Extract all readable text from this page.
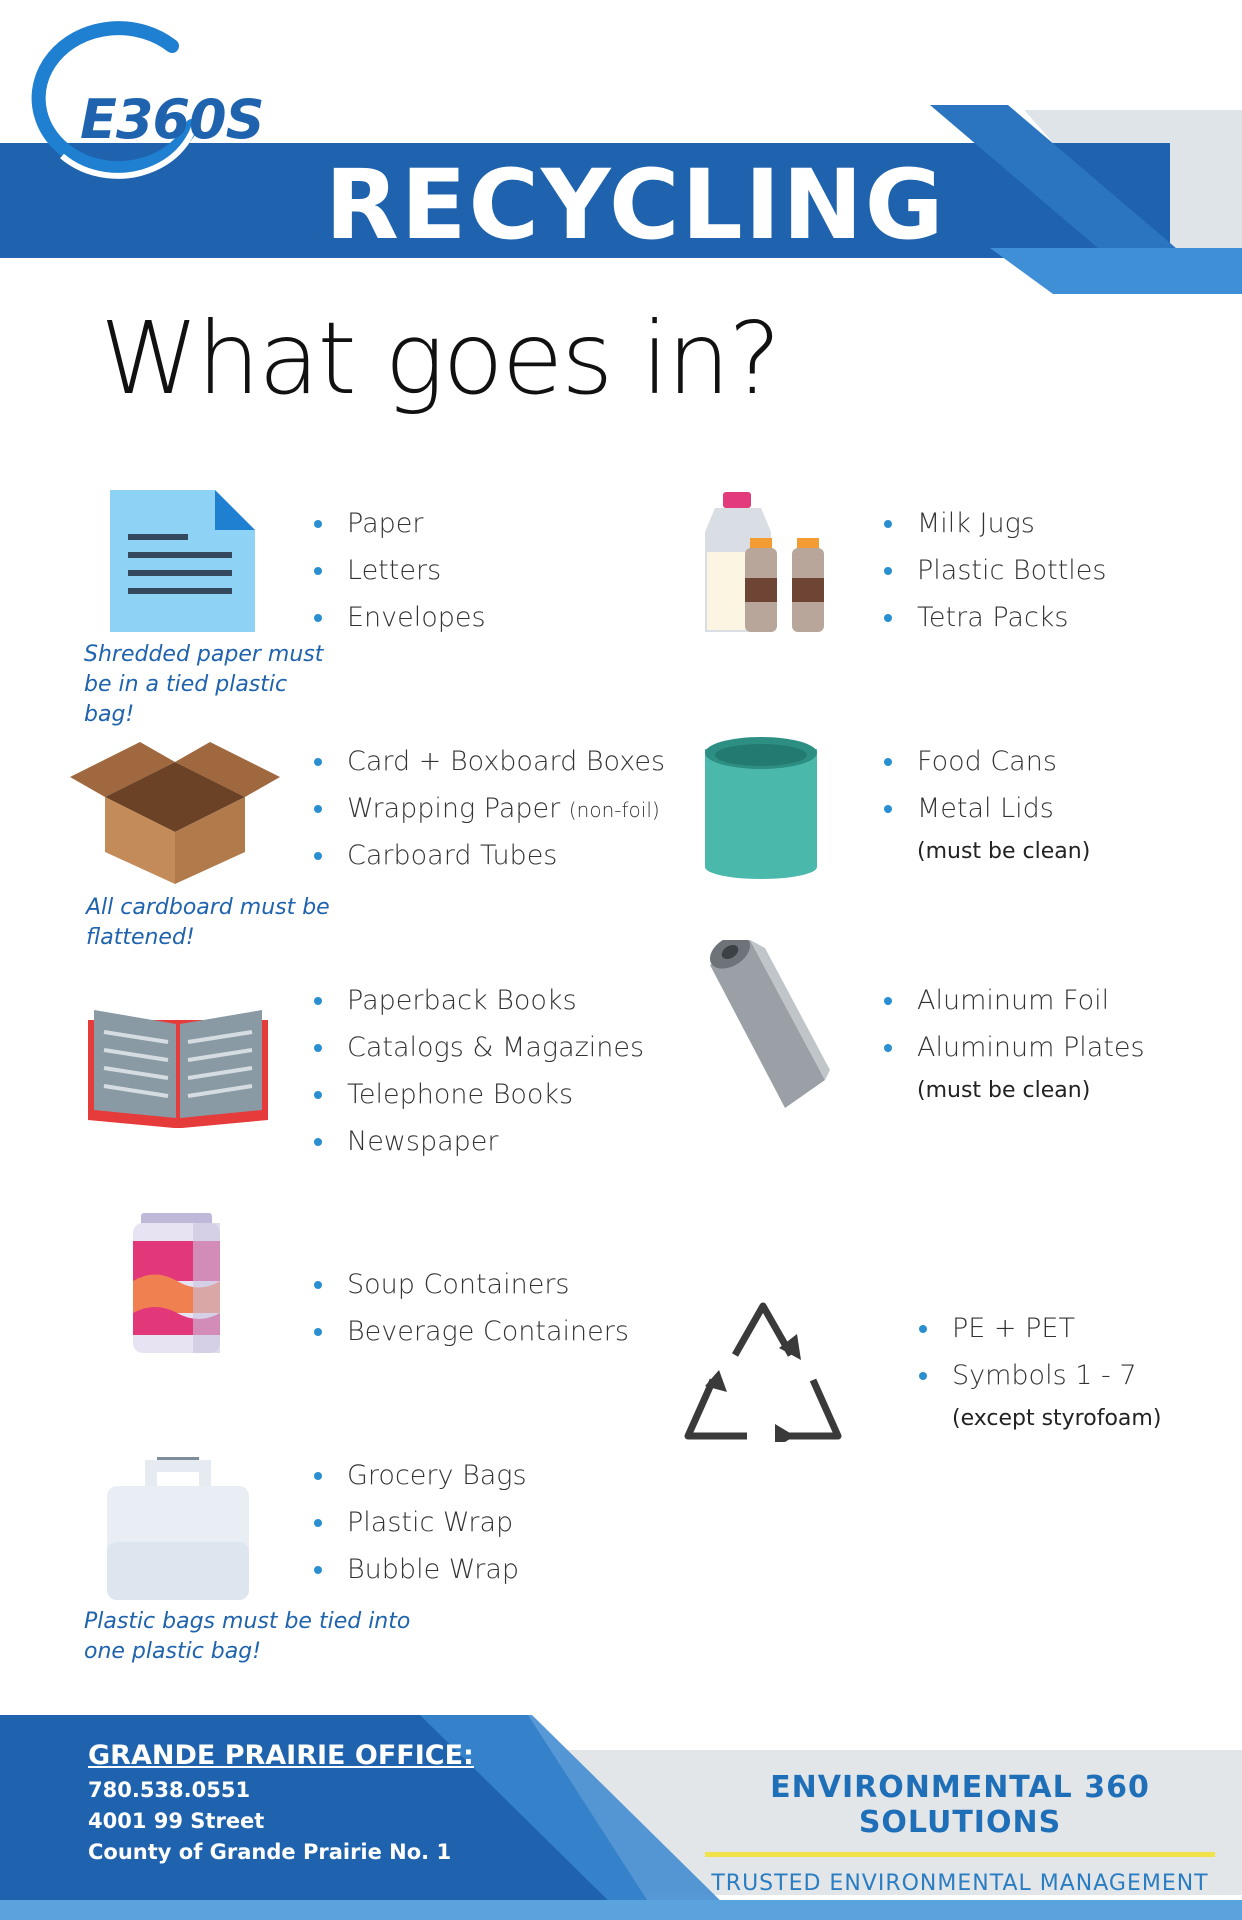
E360S
RECYCLING
What goes in?
Paper
Letters
Envelopes
Shredded paper must be in a tied plastic bag!
Card + Boxboard Boxes
Wrapping Paper (non-foil)
Carboard Tubes
All cardboard must be flattened!
Paperback Books
Catalogs & Magazines
Telephone Books
Newspaper
Soup Containers
Beverage Containers
Grocery Bags
Plastic Wrap
Bubble Wrap
Plastic bags must be tied into one plastic bag!
Milk Jugs
Plastic Bottles
Tetra Packs
Food Cans
Metal Lids
(must be clean)
Aluminum Foil
Aluminum Plates
(must be clean)
PE + PET
Symbols 1 - 7
(except styrofoam)
GRANDE PRAIRIE OFFICE:
780.538.0551
4001 99 Street
County of Grande Prairie No. 1
ENVIRONMENTAL 360 SOLUTIONS
TRUSTED ENVIRONMENTAL MANAGEMENT
